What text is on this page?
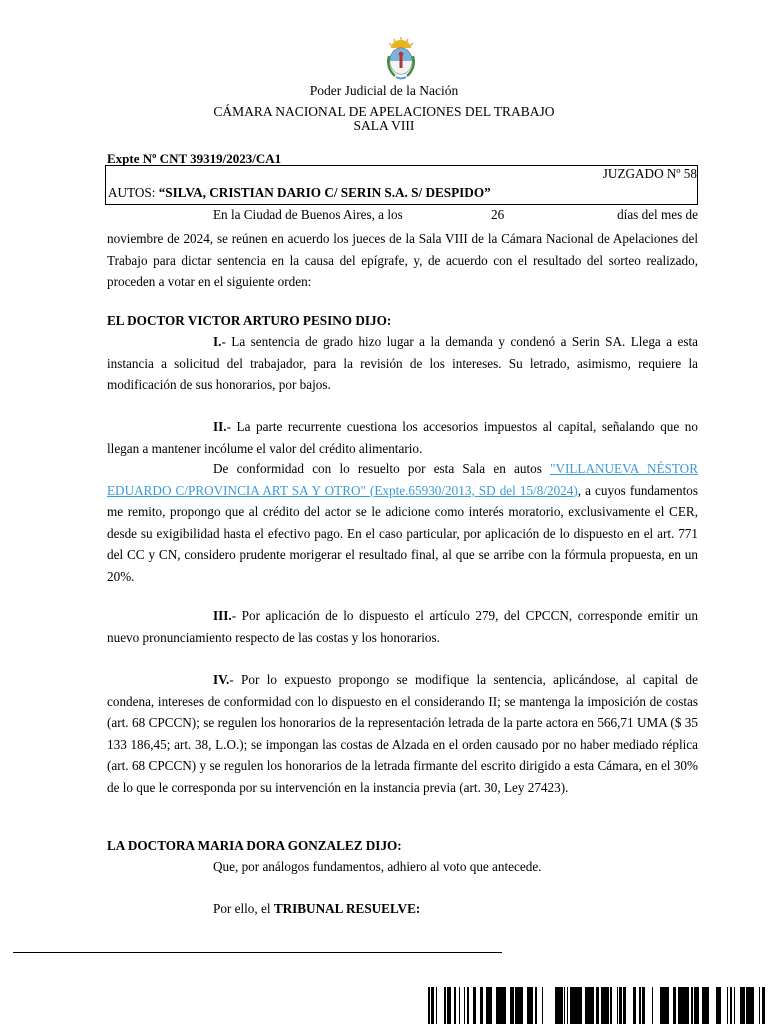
Poder Judicial de la Nación
CÁMARA NACIONAL DE APELACIONES DEL TRABAJO
SALA VIII
Expte Nº CNT 39319/2023/CA1
JUZGADO Nº 58
AUTOS: “SILVA, CRISTIAN DARIO C/ SERIN S.A. S/ DESPIDO”
En la Ciudad de Buenos Aires, a los	26	días del mes de

noviembre de 2024, se reúnen en acuerdo los jueces de la Sala VIII de la Cámara Nacional de Apelaciones del Trabajo para dictar sentencia en la causa del epígrafe, y, de acuerdo con el resultado del sorteo realizado, proceden a votar en el siguiente orden:

EL DOCTOR VICTOR ARTURO PESINO DIJO:

I.- La sentencia de grado hizo lugar a la demanda y condenó a Serin SA. Llega a esta instancia a solicitud del trabajador, para la revisión de los intereses. Su letrado, asimismo, requiere la modificación de sus honorarios, por bajos.

II.- La parte recurrente cuestiona los accesorios impuestos al capital, señalando que no llegan a mantener incólume el valor del crédito alimentario.

De conformidad con lo resuelto por esta Sala en autos "VILLANUEVA NÉSTOR EDUARDO C/PROVINCIA ART SA Y OTRO" (Expte.65930/2013, SD del 15/8/2024), a cuyos fundamentos me remito, propongo que al crédito del actor se le adicione como interés moratorio, exclusivamente el CER, desde su exigibilidad hasta el efectivo pago. En el caso particular, por aplicación de lo dispuesto en el art. 771 del CC y CN, considero prudente morigerar el resultado final, al que se arribe con la fórmula propuesta, en un 20%.

III.- Por aplicación de lo dispuesto el artículo 279, del CPCCN, corresponde emitir un nuevo pronunciamiento respecto de las costas y los honorarios.

IV.- Por lo expuesto propongo se modifique la sentencia, aplicándose, al capital de condena, intereses de conformidad con lo dispuesto en el considerando II; se mantenga la imposición de costas (art. 68 CPCCN); se regulen los honorarios de la representación letrada de la parte actora en 566,71 UMA ($ 35 133 186,45; art. 38, L.O.); se impongan las costas de Alzada en el orden causado por no haber mediado réplica (art. 68 CPCCN) y se regulen los honorarios de la letrada firmante del escrito dirigido a esta Cámara, en el 30% de lo que le corresponda por su intervención en la instancia previa (art. 30, Ley 27423).

LA DOCTORA MARIA DORA GONZALEZ DIJO:
Que, por análogos fundamentos, adhiero al voto que antecede.
Por ello, el TRIBUNAL RESUELVE:
